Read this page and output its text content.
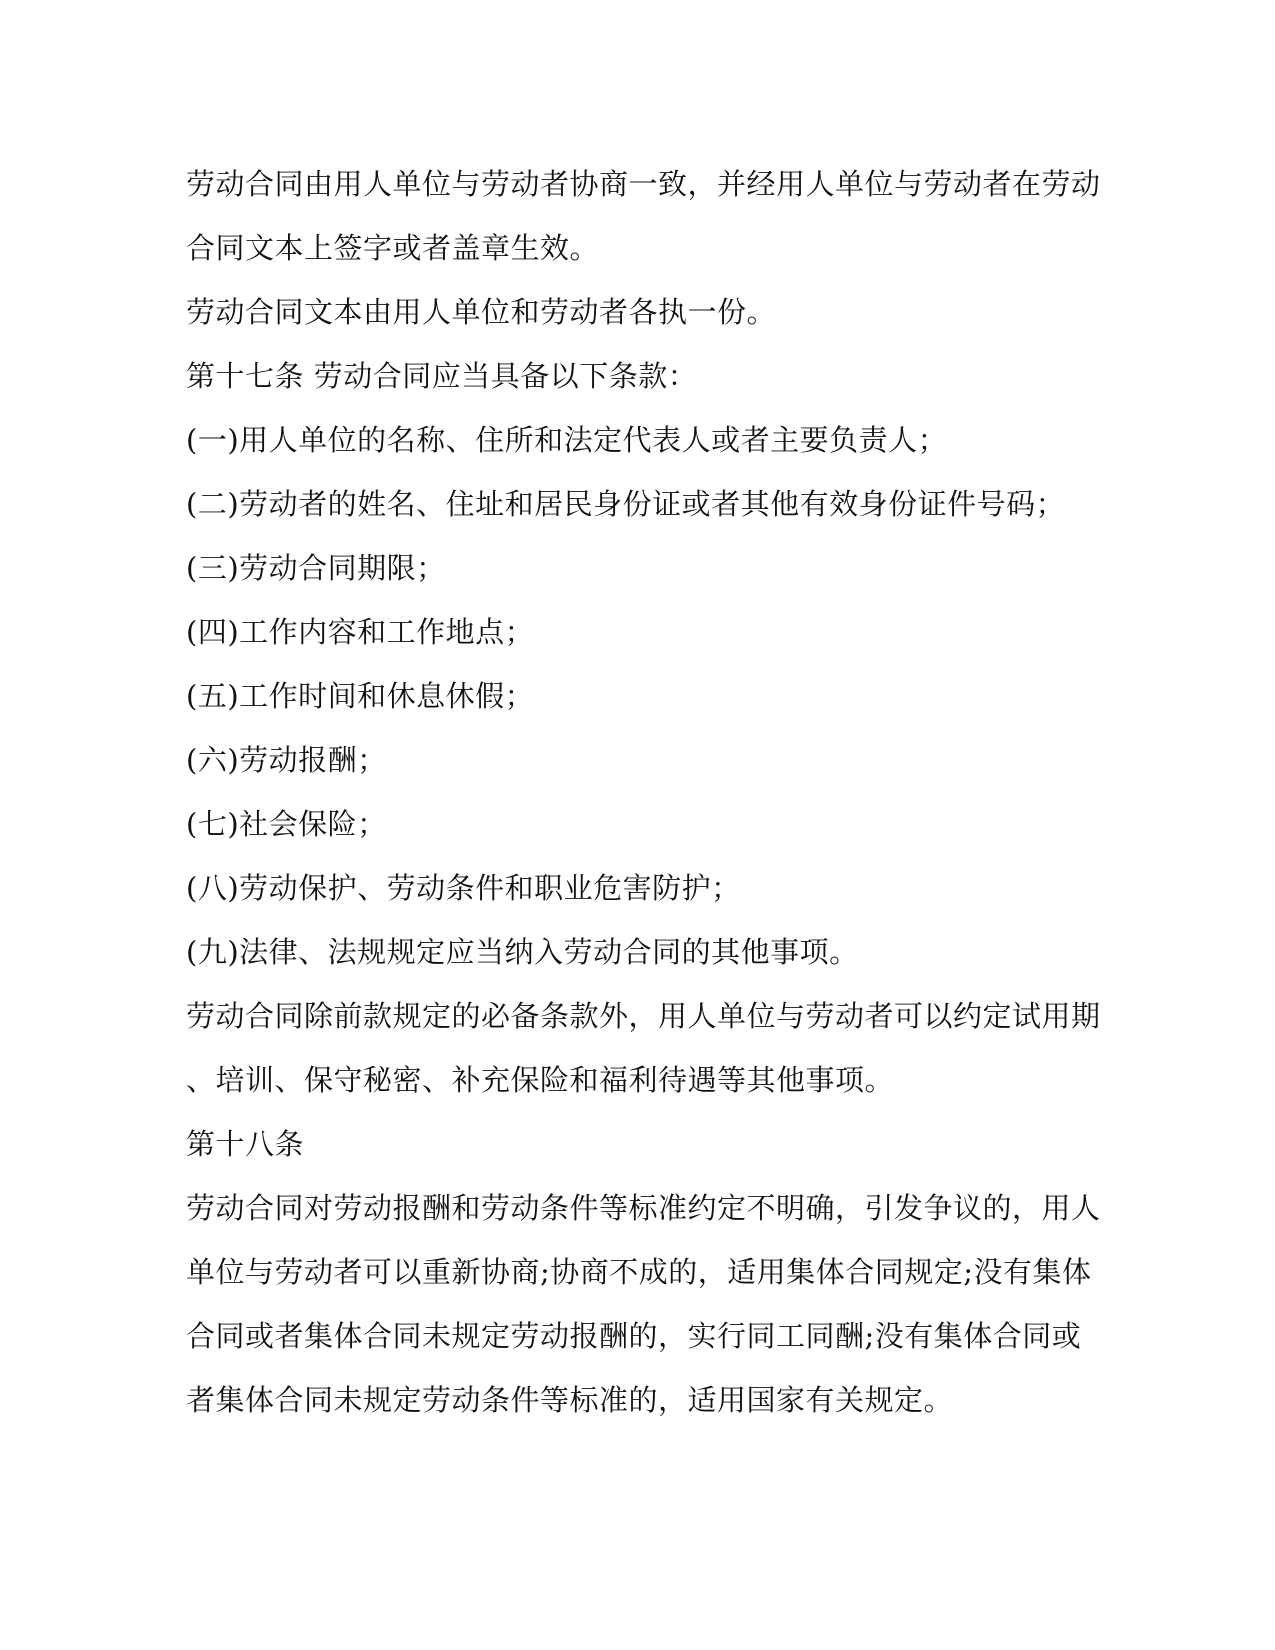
劳动合同由用人单位与劳动者协商一致，并经用人单位与劳动者在劳动
合同文本上签字或者盖章生效。
劳动合同文本由用人单位和劳动者各执一份。
第十七条 劳动合同应当具备以下条款：
(一)用人单位的名称、住所和法定代表人或者主要负责人；
(二)劳动者的姓名、住址和居民身份证或者其他有效身份证件号码；
(三)劳动合同期限；
(四)工作内容和工作地点；
(五)工作时间和休息休假；
(六)劳动报酬；
(七)社会保险；
(八)劳动保护、劳动条件和职业危害防护；
(九)法律、法规规定应当纳入劳动合同的其他事项。
劳动合同除前款规定的必备条款外，用人单位与劳动者可以约定试用期
、培训、保守秘密、补充保险和福利待遇等其他事项。
第十八条
劳动合同对劳动报酬和劳动条件等标准约定不明确，引发争议的，用人
单位与劳动者可以重新协商;协商不成的，适用集体合同规定;没有集体
合同或者集体合同未规定劳动报酬的，实行同工同酬;没有集体合同或
者集体合同未规定劳动条件等标准的，适用国家有关规定。
